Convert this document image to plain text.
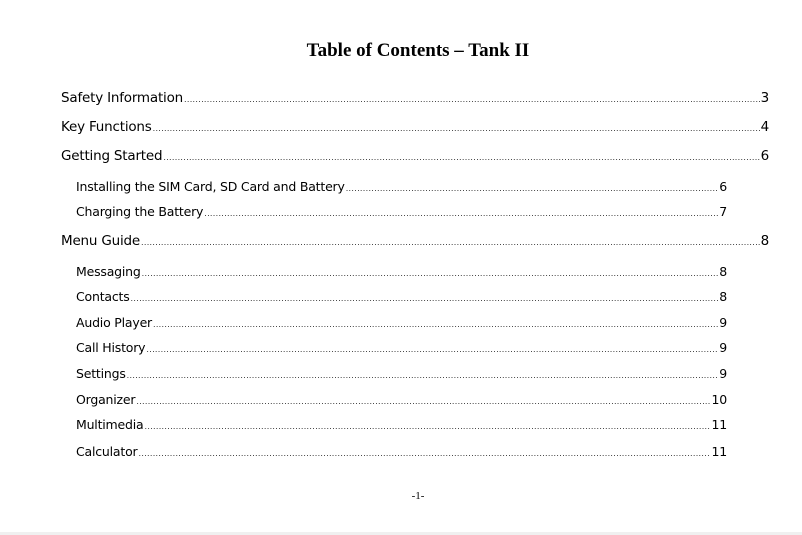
Table of Contents – Tank II
Safety Information .....	3
Key Functions .....	4
Getting Started .....	6
Installing the SIM Card, SD Card and Battery .....	6
Charging the Battery .....	7
Menu Guide .....	8
Messaging .....	8
Contacts .....	8
Audio Player .....	9
Call History .....	9
Settings .....	9
Organizer .....	10
Multimedia .....	11
Calculator .....	11
-1-
